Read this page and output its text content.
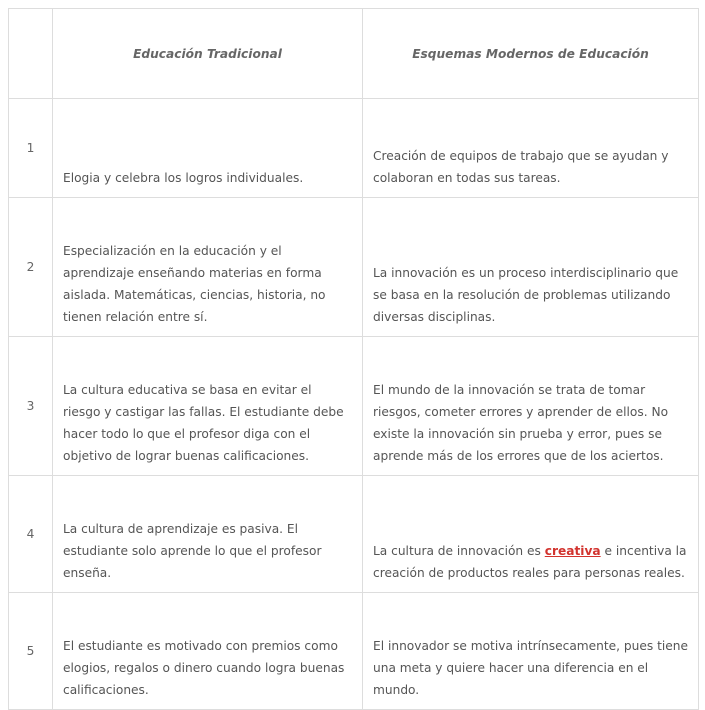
	Educación Tradicional	Esquemas Modernos de Educación
1	Elogia y celebra los logros individuales.	Creación de equipos de trabajo que se ayudan y colaboran en todas sus tareas.
2	Especialización en la educación y el aprendizaje enseñando materias en forma aislada. Matemáticas, ciencias, historia, no tienen relación entre sí.	La innovación es un proceso interdisciplinario que se basa en la resolución de problemas utilizando diversas disciplinas.
3	La cultura educativa se basa en evitar el riesgo y castigar las fallas. El estudiante debe hacer todo lo que el profesor diga con el objetivo de lograr buenas calificaciones.	El mundo de la innovación se trata de tomar riesgos, cometer errores y aprender de ellos. No existe la innovación sin prueba y error, pues se aprende más de los errores que de los aciertos.
4	La cultura de aprendizaje es pasiva. El estudiante solo aprende lo que el profesor enseña.	La cultura de innovación es creativa e incentiva la creación de productos reales para personas reales.
5	El estudiante es motivado con premios como elogios, regalos o dinero cuando logra buenas calificaciones.	El innovador se motiva intrínsecamente, pues tiene una meta y quiere hacer una diferencia en el mundo.
